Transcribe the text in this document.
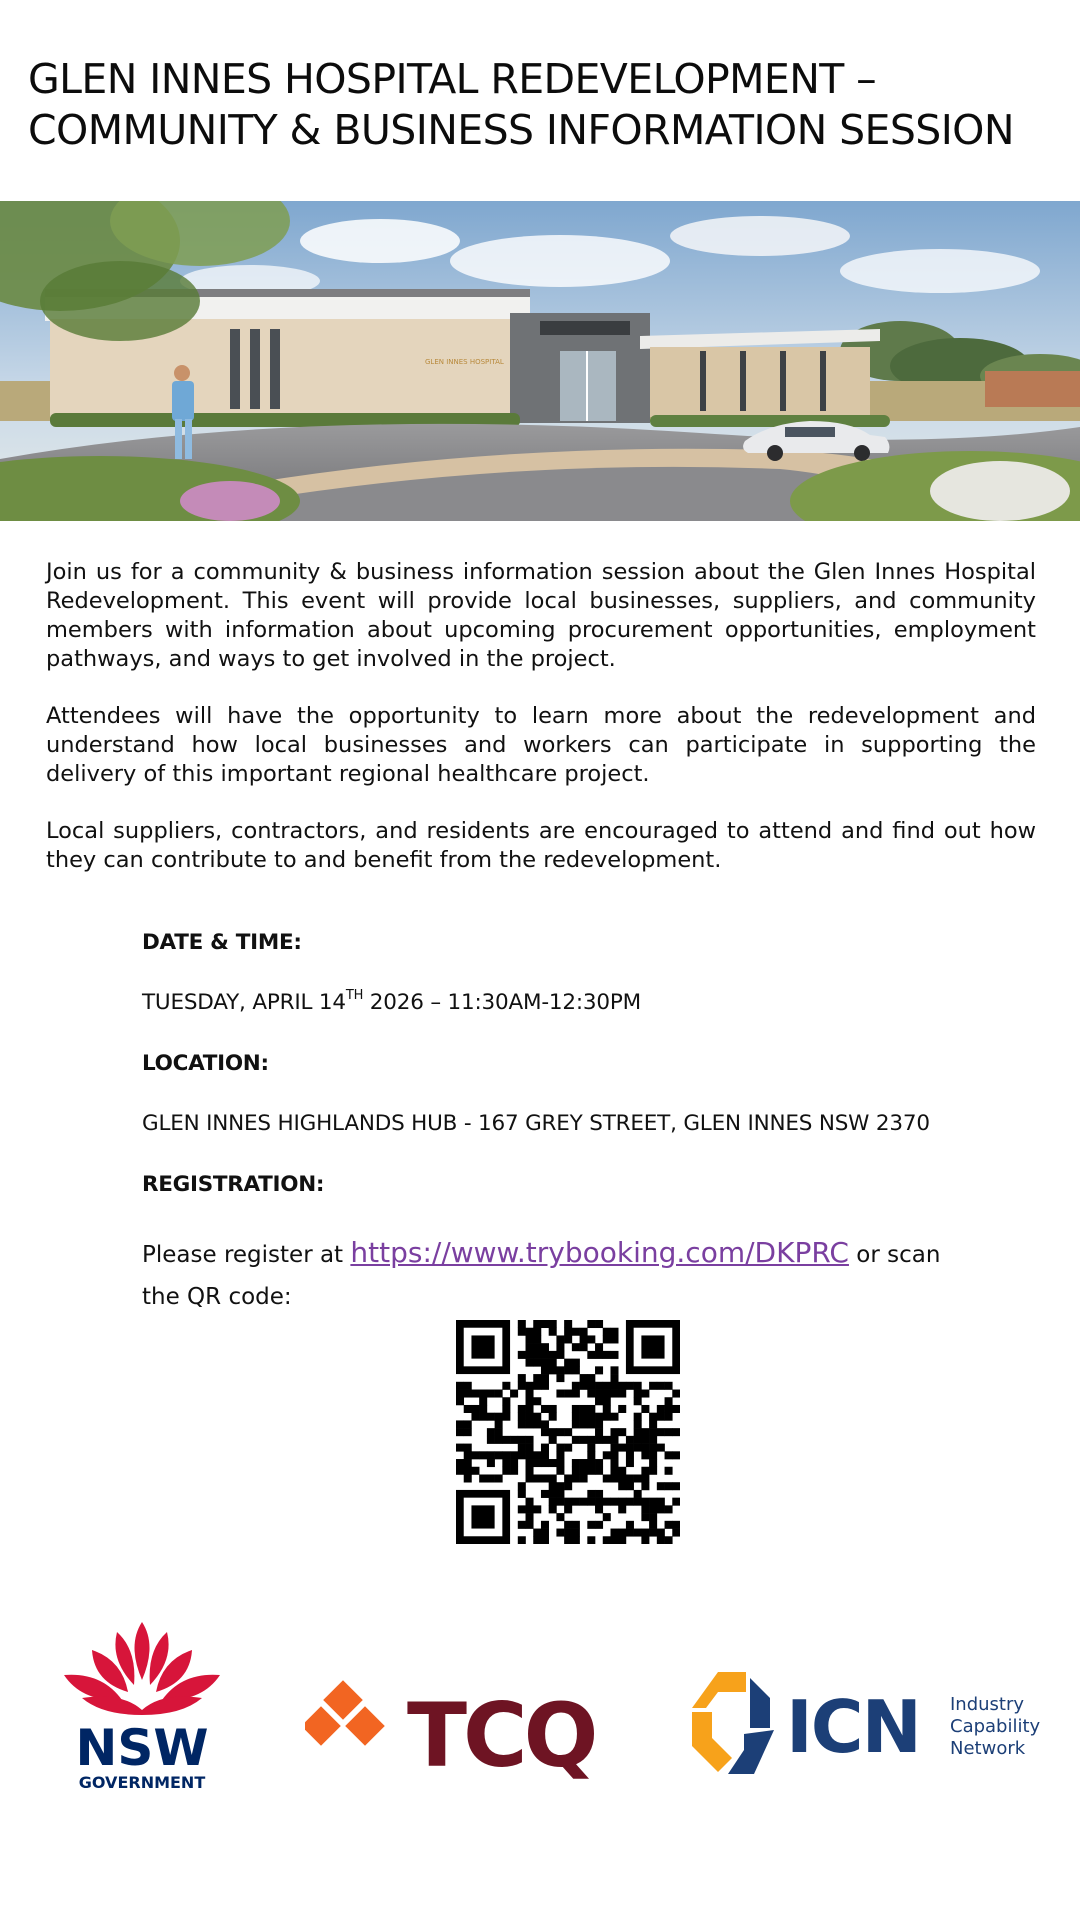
GLEN INNES HOSPITAL REDEVELOPMENT –
COMMUNITY & BUSINESS INFORMATION SESSION
GLEN INNES HOSPITAL

Join us for a community & business information session about the Glen Innes Hospital Redevelopment. This event will provide local businesses, suppliers, and community members with information about upcoming procurement opportunities, employment pathways, and ways to get involved in the project.

Attendees will have the opportunity to learn more about the redevelopment and understand how local businesses and workers can participate in supporting the delivery of this important regional healthcare project.

Local suppliers, contractors, and residents are encouraged to attend and find out how they can contribute to and benefit from the redevelopment.

DATE & TIME:
TUESDAY, APRIL 14TH 2026 – 11:30AM-12:30PM
LOCATION:
GLEN INNES HIGHLANDS HUB - 167 GREY STREET, GLEN INNES NSW 2370
REGISTRATION:
Please register at https://www.trybooking.com/DKPRC or scan the QR code:
NSW
GOVERNMENT TCQ	ICN Industry
Capability
Network
